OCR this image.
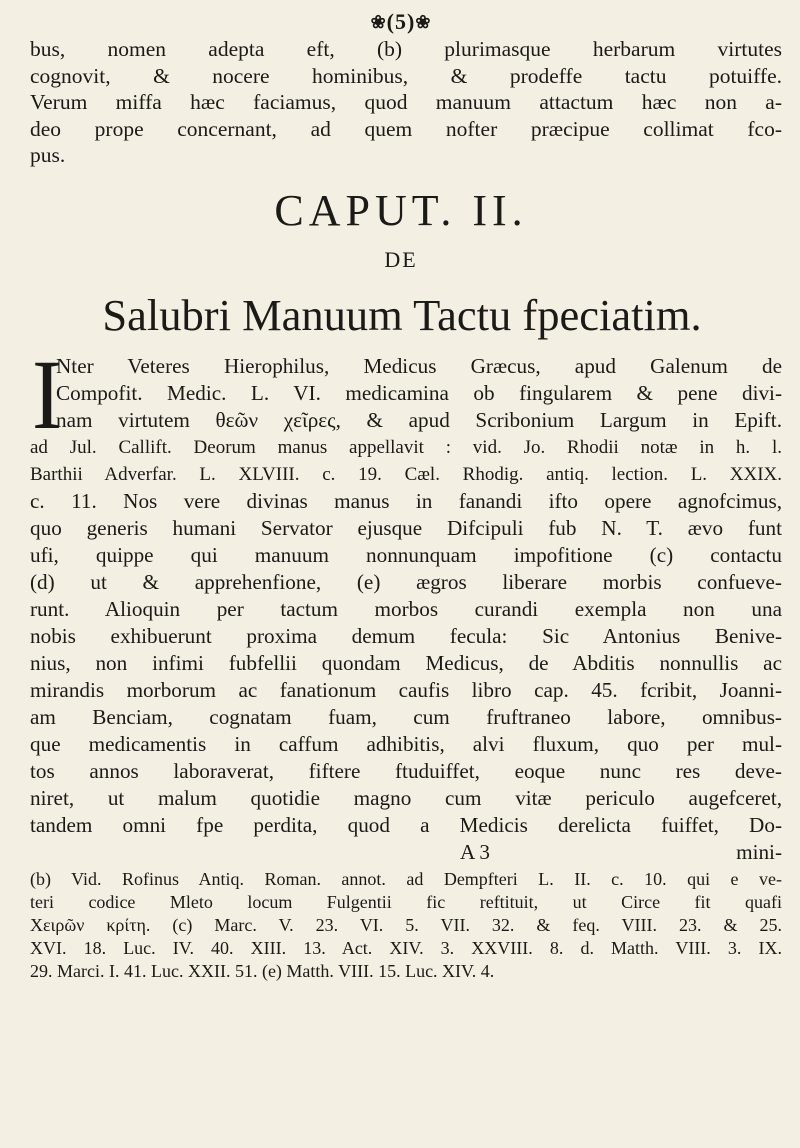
❀(5)❀

bus, nomen adepta eft, (b) plurimasque herbarum virtutes
cognovit, & nocere hominibus, & prodeffe tactu potuiffe.
Verum miffa hæc faciamus, quod manuum attactum hæc non a-
deo prope concernant, ad quem nofter præcipue collimat fco-
pus.

CAPUT. II.
DE
Salubri Manuum Tactu fpeciatim.
I
Nter Veteres Hierophilus, Medicus Græcus, apud Galenum de
Compofit. Medic. L. VI. medicamina ob fingularem & pene divi-
nam virtutem θεῶν χεῖρες, & apud Scribonium Largum in Epift.
ad Jul. Callift. Deorum manus appellavit : vid. Jo. Rhodii notæ in h. l.
Barthii Adverfar. L. XLVIII. c. 19. Cæl. Rhodig. antiq. lection. L. XXIX.
c. 11. Nos vere divinas manus in fanandi ifto opere agnofcimus,
quo generis humani Servator ejusque Difcipuli fub N. T. ævo funt
ufi, quippe qui manuum nonnunquam impofitione (c) contactu
(d) ut & apprehenfione, (e) ægros liberare morbis confueve-
runt. Alioquin per tactum morbos curandi exempla non una
nobis exhibuerunt proxima demum fecula: Sic Antonius Benive-
nius, non infimi fubfellii quondam Medicus, de Abditis nonnullis ac
mirandis morborum ac fanationum caufis libro cap. 45. fcribit, Joanni-
am Benciam, cognatam fuam, cum fruftraneo labore, omnibus-
que medicamentis in caffum adhibitis, alvi fluxum, quo per mul-
tos annos laboraverat, fiftere ftuduiffet, eoque nunc res deve-
niret, ut malum quotidie magno cum vitæ periculo augefceret,
tandem omni fpe perdita, quod a Medicis derelicta fuiffet, Do-
A 3	mini-
(b) Vid. Rofinus Antiq. Roman. annot. ad Dempfteri L. II. c. 10. qui e ve-
teri codice Mleto locum Fulgentii fic reftituit, ut Circe fit quafi
Χειρῶν κρίτη. (c) Marc. V. 23. VI. 5. VII. 32. & feq. VIII. 23. & 25.
XVI. 18. Luc. IV. 40. XIII. 13. Act. XIV. 3. XXVIII. 8. d. Matth. VIII. 3. IX.
29. Marci. I. 41. Luc. XXII. 51. (e) Matth. VIII. 15. Luc. XIV. 4.
